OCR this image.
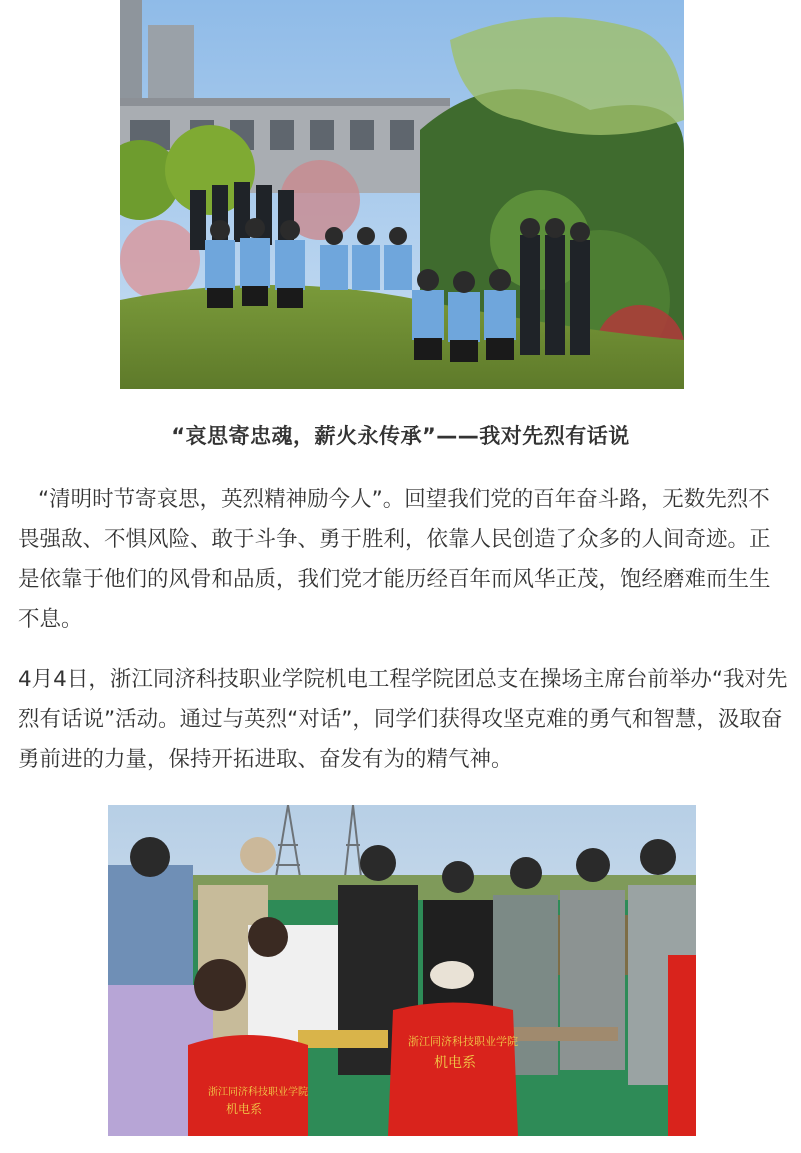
“哀思寄忠魂，薪火永传承”——我对先烈有话说

“清明时节寄哀思，英烈精神励今人”。回望我们党的百年奋斗路，无数先烈不畏强敌、不惧风险、敢于斗争、勇于胜利，依靠人民创造了众多的人间奇迹。正是依靠于他们的风骨和品质，我们党才能历经百年而风华正茂，饱经磨难而生生不息。

4月4日，浙江同济科技职业学院机电工程学院团总支在操场主席台前举办“我对先烈有话说”活动。通过与英烈“对话”，同学们获得攻坚克难的勇气和智慧，汲取奋勇前进的力量，保持开拓进取、奋发有为的精气神。

浙江同济科技职业学院
机电系
浙江同济科技职业学院
机电系
